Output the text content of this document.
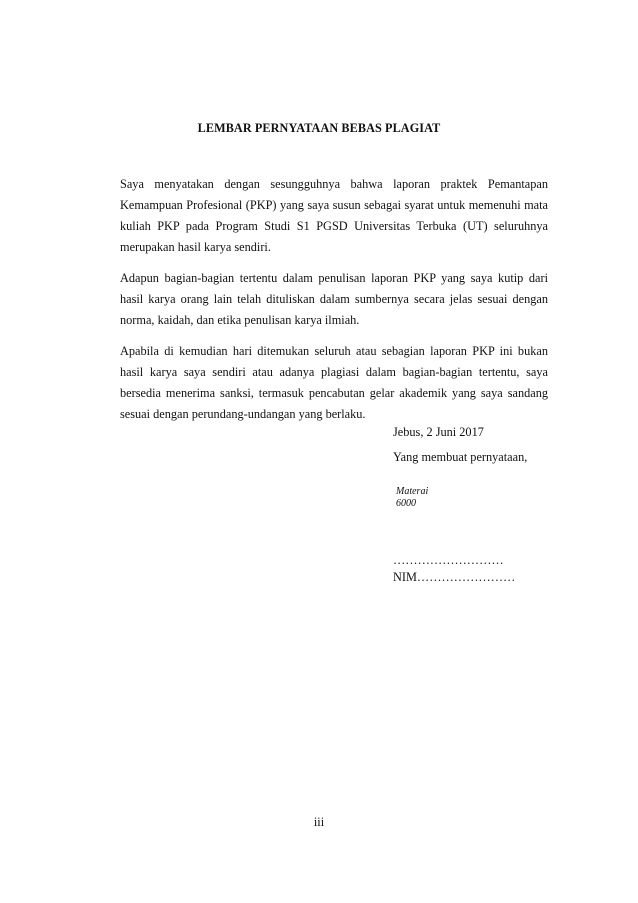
LEMBAR PERNYATAAN BEBAS PLAGIAT

Saya menyatakan dengan sesungguhnya bahwa laporan praktek Pemantapan Kemampuan Profesional (PKP) yang saya susun sebagai syarat untuk memenuhi mata kuliah PKP pada Program Studi S1 PGSD Universitas Terbuka (UT) seluruhnya merupakan hasil karya sendiri.

Adapun bagian-bagian tertentu dalam penulisan laporan PKP yang saya kutip dari hasil karya orang lain telah dituliskan dalam sumbernya secara jelas sesuai dengan norma, kaidah, dan etika penulisan karya ilmiah.

Apabila di kemudian hari ditemukan seluruh atau sebagian laporan PKP ini bukan hasil karya saya sendiri atau adanya plagiasi dalam bagian-bagian tertentu, saya bersedia menerima sanksi, termasuk pencabutan gelar akademik yang saya sandang sesuai dengan perundang-undangan yang berlaku.

Jebus, 2 Juni 2017
Yang membuat pernyataan,
Materai
6000
………………………
NIM……………………
iii
